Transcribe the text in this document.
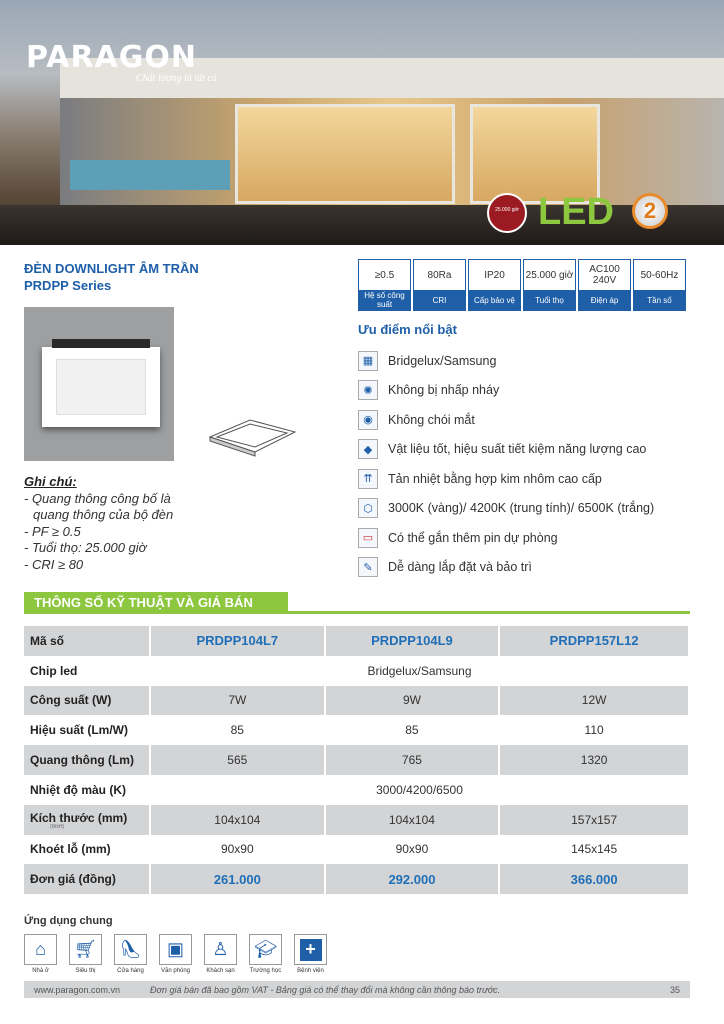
PARAGON
Chất lượng là tất cả
25.000 giờ LED	2
ĐÈN DOWNLIGHT ÂM TRẦN
PRDPP Series
Ghi chú:
- Quang thông công bố là
quang thông của bộ đèn
- PF ≥ 0.5
- Tuổi thọ: 25.000 giờ
- CRI ≥ 80
≥0.5
Hệ số công suất
80Ra
CRI
IP20
Cấp bảo vệ
25.000 giờ
Tuổi thọ
AC100 240V
Điện áp
50-60Hz
Tần số
Ưu điểm nổi bật
▦	Bridgelux/Samsung
✺	Không bị nhấp nháy
◉	Không chói mắt
◆	Vật liệu tốt, hiệu suất tiết kiệm năng lượng cao
⇈	Tản nhiệt bằng hợp kim nhôm cao cấp
⬡	3000K (vàng)/ 4200K (trung tính)/ 6500K (trắng)
▭	Có thể gắn thêm pin dự phòng
✎	Dễ dàng lắp đặt và bảo trì
THÔNG SỐ KỸ THUẬT VÀ GIÁ BÁN
Mã số	PRDPP104L7	PRDPP104L9	PRDPP157L12
Chip led	Bridgelux/Samsung		
Công suất (W)	7W	9W	12W
Hiệu suất (Lm/W)	85	85	110
Quang thông (Lm)	565	765	1320
Nhiệt độ màu (K)	3000/4200/6500		
Kích thước (mm)
(WxH)	104x104	104x104	157x157
Khoét lỗ (mm)	90x90	90x90	145x145
Đơn giá (đồng)	261.000	292.000	366.000
Ứng dụng chung
⌂
Nhà ở
🛒︎
Siêu thị
👠︎
Cửa hàng
▣
Văn phòng
♙
Khách sạn
🎓︎
Trường học
+
Bệnh viện
www.paragon.com.vn	Đơn giá bán đã bao gồm VAT - Bảng giá có thể thay đổi mà không cần thông báo trước.	35
